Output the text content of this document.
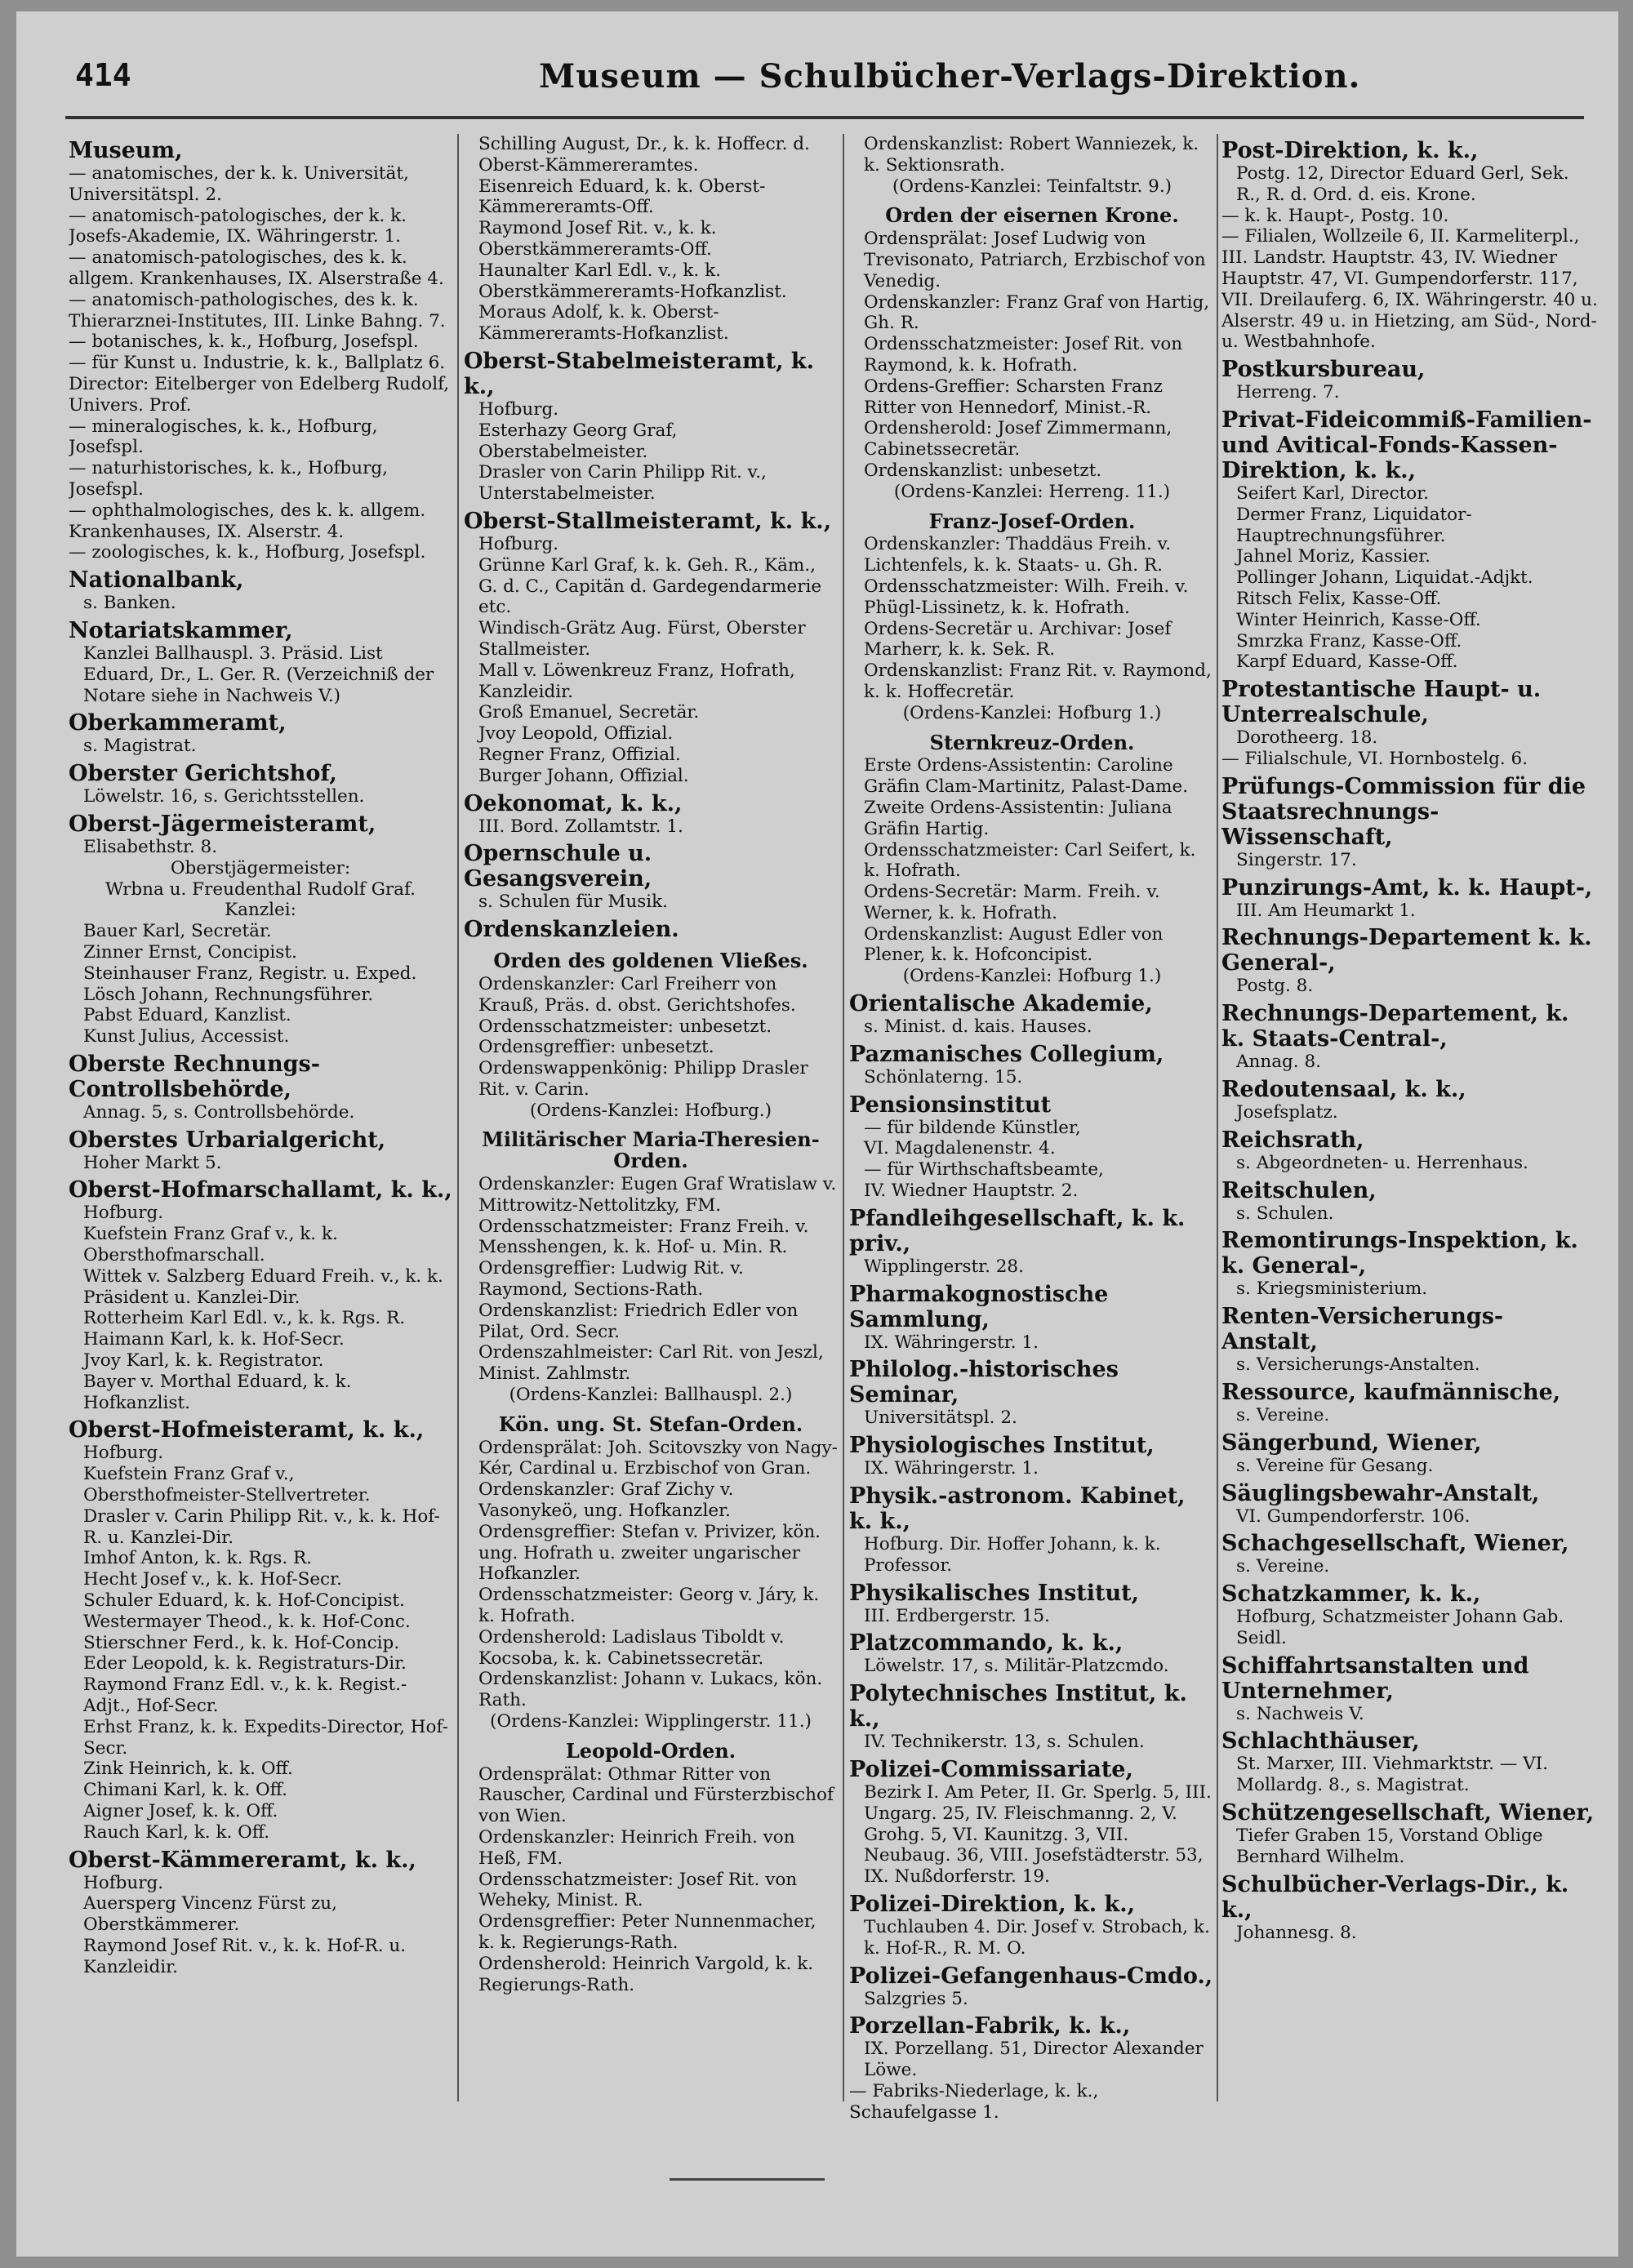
414	Museum — Schulbücher-Verlags-Direktion.
Museum,
— anatomisches, der k. k. Universität, Universitätspl. 2.
— anatomisch-patologisches, der k. k. Josefs-Akademie, IX. Währingerstr. 1.
— anatomisch-patologisches, des k. k. allgem. Krankenhauses, IX. Alserstraße 4.
— anatomisch-pathologisches, des k. k. Thierarznei-Institutes, III. Linke Bahng. 7.
— botanisches, k. k., Hofburg, Josefspl.
— für Kunst u. Industrie, k. k., Ballplatz 6. Director: Eitelberger von Edelberg Rudolf, Univers. Prof.
— mineralogisches, k. k., Hofburg, Josefspl.
— naturhistorisches, k. k., Hofburg, Josefspl.
— ophthalmologisches, des k. k. allgem. Krankenhauses, IX. Alserstr. 4.
— zoologisches, k. k., Hofburg, Josefspl.
Nationalbank,
s. Banken.
Notariatskammer,
Kanzlei Ballhauspl. 3. Präsid. List Eduard, Dr., L. Ger. R. (Verzeichniß der Notare siehe in Nachweis V.)
Oberkammeramt,
s. Magistrat.
Oberster Gerichtshof,
Löwelstr. 16, s. Gerichtsstellen.
Oberst-Jägermeisteramt,
Elisabethstr. 8.
Oberstjägermeister:
Wrbna u. Freudenthal Rudolf Graf.
Kanzlei:
Bauer Karl, Secretär.
Zinner Ernst, Concipist.
Steinhauser Franz, Registr. u. Exped.
Lösch Johann, Rechnungsführer.
Pabst Eduard, Kanzlist.
Kunst Julius, Accessist.
Oberste Rechnungs-Controllsbehörde,
Annag. 5, s. Controllsbehörde.
Oberstes Urbarialgericht,
Hoher Markt 5.
Oberst-Hofmarschallamt, k. k.,
Hofburg.
Kuefstein Franz Graf v., k. k. Obersthofmarschall.
Wittek v. Salzberg Eduard Freih. v., k. k. Präsident u. Kanzlei-Dir.
Rotterheim Karl Edl. v., k. k. Rgs. R.
Haimann Karl, k. k. Hof-Secr.
Jvoy Karl, k. k. Registrator.
Bayer v. Morthal Eduard, k. k. Hofkanzlist.
Oberst-Hofmeisteramt, k. k.,
Hofburg.
Kuefstein Franz Graf v., Obersthofmeister-Stellvertreter.
Drasler v. Carin Philipp Rit. v., k. k. Hof-R. u. Kanzlei-Dir.
Imhof Anton, k. k. Rgs. R.
Hecht Josef v., k. k. Hof-Secr.
Schuler Eduard, k. k. Hof-Concipist.
Westermayer Theod., k. k. Hof-Conc.
Stierschner Ferd., k. k. Hof-Concip.
Eder Leopold, k. k. Registraturs-Dir.
Raymond Franz Edl. v., k. k. Regist.-Adjt., Hof-Secr.
Erhst Franz, k. k. Expedits-Director, Hof-Secr.
Zink Heinrich, k. k. Off.
Chimani Karl, k. k. Off.
Aigner Josef, k. k. Off.
Rauch Karl, k. k. Off.
Oberst-Kämmereramt, k. k.,
Hofburg.
Auersperg Vincenz Fürst zu, Oberstkämmerer.
Raymond Josef Rit. v., k. k. Hof-R. u. Kanzleidir.
Schilling August, Dr., k. k. Hoffecr. d. Oberst-Kämmereramtes.
Eisenreich Eduard, k. k. Oberst-Kämmereramts-Off.
Raymond Josef Rit. v., k. k. Oberstkämmereramts-Off.
Haunalter Karl Edl. v., k. k. Oberstkämmereramts-Hofkanzlist.
Moraus Adolf, k. k. Oberst-Kämmereramts-Hofkanzlist.
Oberst-Stabelmeisteramt, k. k.,
Hofburg.
Esterhazy Georg Graf, Oberstabelmeister.
Drasler von Carin Philipp Rit. v., Unterstabelmeister.
Oberst-Stallmeisteramt, k. k.,
Hofburg.
Grünne Karl Graf, k. k. Geh. R., Käm., G. d. C., Capitän d. Gardegendarmerie etc.
Windisch-Grätz Aug. Fürst, Oberster Stallmeister.
Mall v. Löwenkreuz Franz, Hofrath, Kanzleidir.
Groß Emanuel, Secretär.
Jvoy Leopold, Offizial.
Regner Franz, Offizial.
Burger Johann, Offizial.
Oekonomat, k. k.,
III. Bord. Zollamtstr. 1.
Opernschule u. Gesangsverein,
s. Schulen für Musik.
Ordenskanzleien.
Orden des goldenen Vließes.
Ordenskanzler: Carl Freiherr von Krauß, Präs. d. obst. Gerichtshofes.
Ordensschatzmeister: unbesetzt.
Ordensgreffier: unbesetzt.
Ordenswappenkönig: Philipp Drasler Rit. v. Carin.
(Ordens-Kanzlei: Hofburg.)
Militärischer Maria-Theresien-Orden.
Ordenskanzler: Eugen Graf Wratislaw v. Mittrowitz-Nettolitzky, FM.
Ordensschatzmeister: Franz Freih. v. Mensshengen, k. k. Hof- u. Min. R.
Ordensgreffier: Ludwig Rit. v. Raymond, Sections-Rath.
Ordenskanzlist: Friedrich Edler von Pilat, Ord. Secr.
Ordenszahlmeister: Carl Rit. von Jeszl, Minist. Zahlmstr.
(Ordens-Kanzlei: Ballhauspl. 2.)
Kön. ung. St. Stefan-Orden.
Ordensprälat: Joh. Scitovszky von Nagy-Kér, Cardinal u. Erzbischof von Gran.
Ordenskanzler: Graf Zichy v. Vasonykeö, ung. Hofkanzler.
Ordensgreffier: Stefan v. Privizer, kön. ung. Hofrath u. zweiter ungarischer Hofkanzler.
Ordensschatzmeister: Georg v. Járy, k. k. Hofrath.
Ordensherold: Ladislaus Tiboldt v. Kocsoba, k. k. Cabinetssecretär.
Ordenskanzlist: Johann v. Lukacs, kön. Rath.
(Ordens-Kanzlei: Wipplingerstr. 11.)
Leopold-Orden.
Ordensprälat: Othmar Ritter von Rauscher, Cardinal und Fürsterzbischof von Wien.
Ordenskanzler: Heinrich Freih. von Heß, FM.
Ordensschatzmeister: Josef Rit. von Weheky, Minist. R.
Ordensgreffier: Peter Nunnenmacher, k. k. Regierungs-Rath.
Ordensherold: Heinrich Vargold, k. k. Regierungs-Rath.
Ordenskanzlist: Robert Wanniezek, k. k. Sektionsrath.
(Ordens-Kanzlei: Teinfaltstr. 9.)
Orden der eisernen Krone.
Ordensprälat: Josef Ludwig von Trevisonato, Patriarch, Erzbischof von Venedig.
Ordenskanzler: Franz Graf von Hartig, Gh. R.
Ordensschatzmeister: Josef Rit. von Raymond, k. k. Hofrath.
Ordens-Greffier: Scharsten Franz Ritter von Hennedorf, Minist.-R.
Ordensherold: Josef Zimmermann, Cabinetssecretär.
Ordenskanzlist: unbesetzt.
(Ordens-Kanzlei: Herreng. 11.)
Franz-Josef-Orden.
Ordenskanzler: Thaddäus Freih. v. Lichtenfels, k. k. Staats- u. Gh. R.
Ordensschatzmeister: Wilh. Freih. v. Phügl-Lissinetz, k. k. Hofrath.
Ordens-Secretär u. Archivar: Josef Marherr, k. k. Sek. R.
Ordenskanzlist: Franz Rit. v. Raymond, k. k. Hoffecretär.
(Ordens-Kanzlei: Hofburg 1.)
Sternkreuz-Orden.
Erste Ordens-Assistentin: Caroline Gräfin Clam-Martinitz, Palast-Dame.
Zweite Ordens-Assistentin: Juliana Gräfin Hartig.
Ordensschatzmeister: Carl Seifert, k. k. Hofrath.
Ordens-Secretär: Marm. Freih. v. Werner, k. k. Hofrath.
Ordenskanzlist: August Edler von Plener, k. k. Hofconcipist.
(Ordens-Kanzlei: Hofburg 1.)
Orientalische Akademie,
s. Minist. d. kais. Hauses.
Pazmanisches Collegium,
Schönlaterng. 15.
Pensionsinstitut
— für bildende Künstler,
VI. Magdalenenstr. 4.
— für Wirthschaftsbeamte,
IV. Wiedner Hauptstr. 2.
Pfandleihgesellschaft, k. k. priv.,
Wipplingerstr. 28.
Pharmakognostische Sammlung,
IX. Währingerstr. 1.
Philolog.-historisches Seminar,
Universitätspl. 2.
Physiologisches Institut,
IX. Währingerstr. 1.
Physik.-astronom. Kabinet, k. k.,
Hofburg. Dir. Hoffer Johann, k. k. Professor.
Physikalisches Institut,
III. Erdbergerstr. 15.
Platzcommando, k. k.,
Löwelstr. 17, s. Militär-Platzcmdo.
Polytechnisches Institut, k. k.,
IV. Technikerstr. 13, s. Schulen.
Polizei-Commissariate,
Bezirk I. Am Peter, II. Gr. Sperlg. 5, III. Ungarg. 25, IV. Fleischmanng. 2, V. Grohg. 5, VI. Kaunitzg. 3, VII. Neubaug. 36, VIII. Josefstädterstr. 53, IX. Nußdorferstr. 19.
Polizei-Direktion, k. k.,
Tuchlauben 4. Dir. Josef v. Strobach, k. k. Hof-R., R. M. O.
Polizei-Gefangenhaus-Cmdo.,
Salzgries 5.
Porzellan-Fabrik, k. k.,
IX. Porzellang. 51, Director Alexander Löwe.
— Fabriks-Niederlage, k. k., Schaufelgasse 1.
Post-Direktion, k. k.,
Postg. 12, Director Eduard Gerl, Sek. R., R. d. Ord. d. eis. Krone.
— k. k. Haupt-, Postg. 10.
— Filialen, Wollzeile 6, II. Karmeliterpl., III. Landstr. Hauptstr. 43, IV. Wiedner Hauptstr. 47, VI. Gumpendorferstr. 117, VII. Dreilauferg. 6, IX. Währingerstr. 40 u. Alserstr. 49 u. in Hietzing, am Süd-, Nord- u. Westbahnhofe.
Postkursbureau,
Herreng. 7.
Privat-Fideicommiß-Familien- und Avitical-Fonds-Kassen-Direktion, k. k.,
Seifert Karl, Director.
Dermer Franz, Liquidator-Hauptrechnungsführer.
Jahnel Moriz, Kassier.
Pollinger Johann, Liquidat.-Adjkt.
Ritsch Felix, Kasse-Off.
Winter Heinrich, Kasse-Off.
Smrzka Franz, Kasse-Off.
Karpf Eduard, Kasse-Off.
Protestantische Haupt- u. Unterrealschule,
Dorotheerg. 18.
— Filialschule, VI. Hornbostelg. 6.
Prüfungs-Commission für die Staatsrechnungs-Wissenschaft,
Singerstr. 17.
Punzirungs-Amt, k. k. Haupt-,
III. Am Heumarkt 1.
Rechnungs-Departement k. k. General-,
Postg. 8.
Rechnungs-Departement, k. k. Staats-Central-,
Annag. 8.
Redoutensaal, k. k.,
Josefsplatz.
Reichsrath,
s. Abgeordneten- u. Herrenhaus.
Reitschulen,
s. Schulen.
Remontirungs-Inspektion, k. k. General-,
s. Kriegsministerium.
Renten-Versicherungs-Anstalt,
s. Versicherungs-Anstalten.
Ressource, kaufmännische,
s. Vereine.
Sängerbund, Wiener,
s. Vereine für Gesang.
Säuglingsbewahr-Anstalt,
VI. Gumpendorferstr. 106.
Schachgesellschaft, Wiener,
s. Vereine.
Schatzkammer, k. k.,
Hofburg, Schatzmeister Johann Gab. Seidl.
Schiffahrtsanstalten und Unternehmer,
s. Nachweis V.
Schlachthäuser,
St. Marxer, III. Viehmarktstr. — VI. Mollardg. 8., s. Magistrat.
Schützengesellschaft, Wiener,
Tiefer Graben 15, Vorstand Oblige Bernhard Wilhelm.
Schulbücher-Verlags-Dir., k. k.,
Johannesg. 8.
